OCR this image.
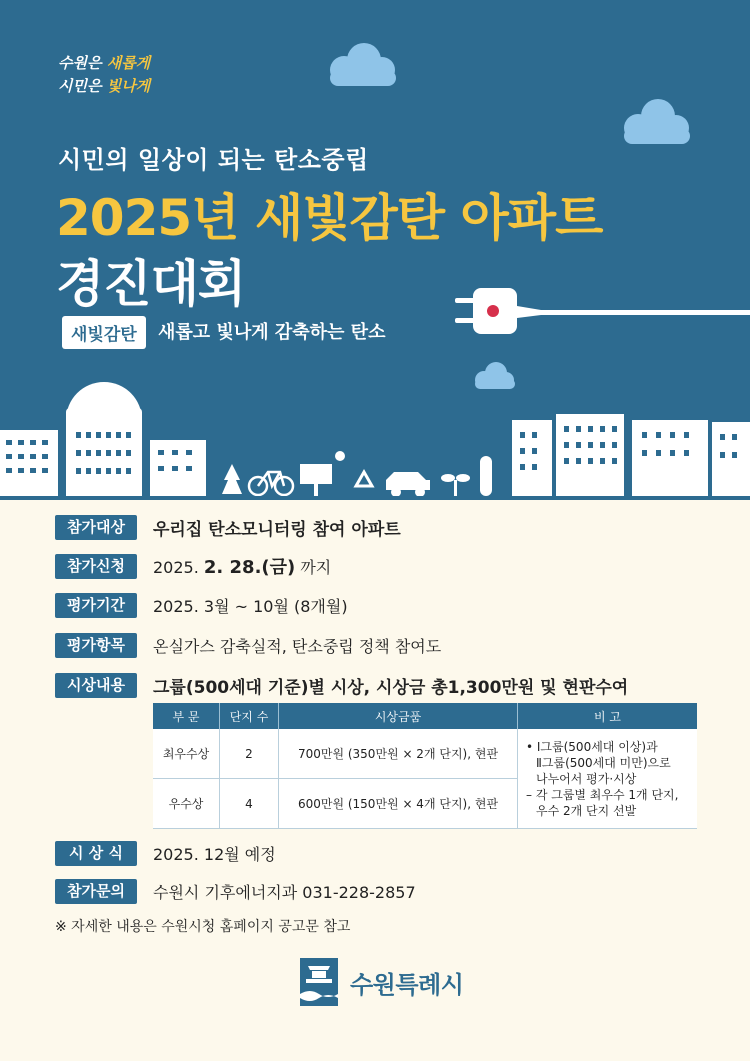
수원은 새롭게
시민은 빛나게
시민의 일상이 되는 탄소중립
2025년 새빛감탄 아파트
경진대회
새빛감탄	새롭고 빛나게 감축하는 탄소
참가대상	우리집 탄소모니터링 참여 아파트
참가신청	2025. 2. 28.(금) 까지
평가기간	2025. 3월 ~ 10월 (8개월)
평가항목	온실가스 감축실적, 탄소중립 정책 참여도
시상내용	그룹(500세대 기준)별 시상, 시상금 총1,300만원 및 현판수여
부 문	단지 수	시상금품	비 고
최우수상	2	700만원 (350만원 × 2개 단지), 현판	• Ⅰ그룹(500세대 이상)과
Ⅱ그룹(500세대 미만)으로
나누어서 평가·시상
– 각 그룹별 최우수 1개 단지,
우수 2개 단지 선발

우수상	4	600만원 (150만원 × 4개 단지), 현판	
시 상 식	2025. 12월 예정
참가문의	수원시 기후에너지과 031-228-2857
※ 자세한 내용은 수원시청 홈페이지 공고문 참고
수원특례시
